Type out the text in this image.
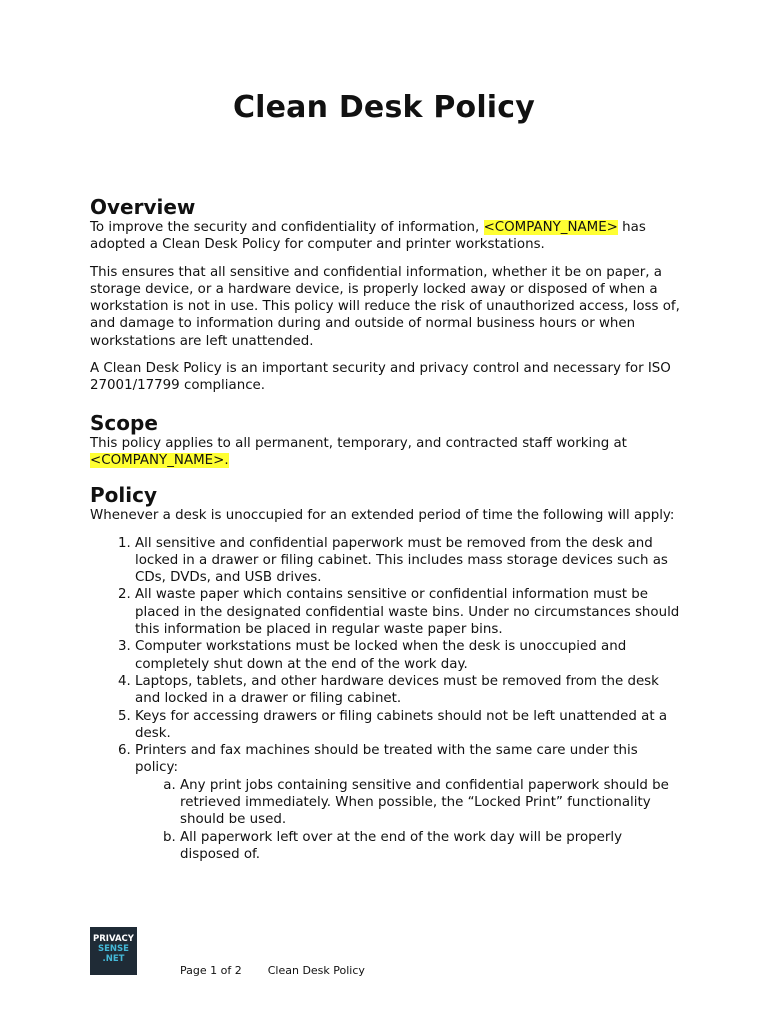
Clean Desk Policy
Overview

To improve the security and confidentiality of information, <COMPANY_NAME> has adopted a Clean Desk Policy for computer and printer workstations.

This ensures that all sensitive and confidential information, whether it be on paper, a storage device, or a hardware device, is properly locked away or disposed of when a workstation is not in use. This policy will reduce the risk of unauthorized access, loss of, and damage to information during and outside of normal business hours or when workstations are left unattended.

A Clean Desk Policy is an important security and privacy control and necessary for ISO 27001/17799 compliance.

Scope

This policy applies to all permanent, temporary, and contracted staff working at <COMPANY_NAME>.

Policy

Whenever a desk is unoccupied for an extended period of time the following will apply:

1. All sensitive and confidential paperwork must be removed from the desk and locked in a drawer or filing cabinet. This includes mass storage devices such as CDs, DVDs, and USB drives.
2. All waste paper which contains sensitive or confidential information must be placed in the designated confidential waste bins. Under no circumstances should this information be placed in regular waste paper bins.
3. Computer workstations must be locked when the desk is unoccupied and completely shut down at the end of the work day.
4. Laptops, tablets, and other hardware devices must be removed from the desk and locked in a drawer or filing cabinet.
5. Keys for accessing drawers or filing cabinets should not be left unattended at a desk.
6. Printers and fax machines should be treated with the same care under this policy:
a. Any print jobs containing sensitive and confidential paperwork should be retrieved immediately. When possible, the “Locked Print” functionality should be used.
b. All paperwork left over at the end of the work day will be properly disposed of.
PRIVACY
SENSE
.NET
Page 1 of 2 Clean Desk Policy
